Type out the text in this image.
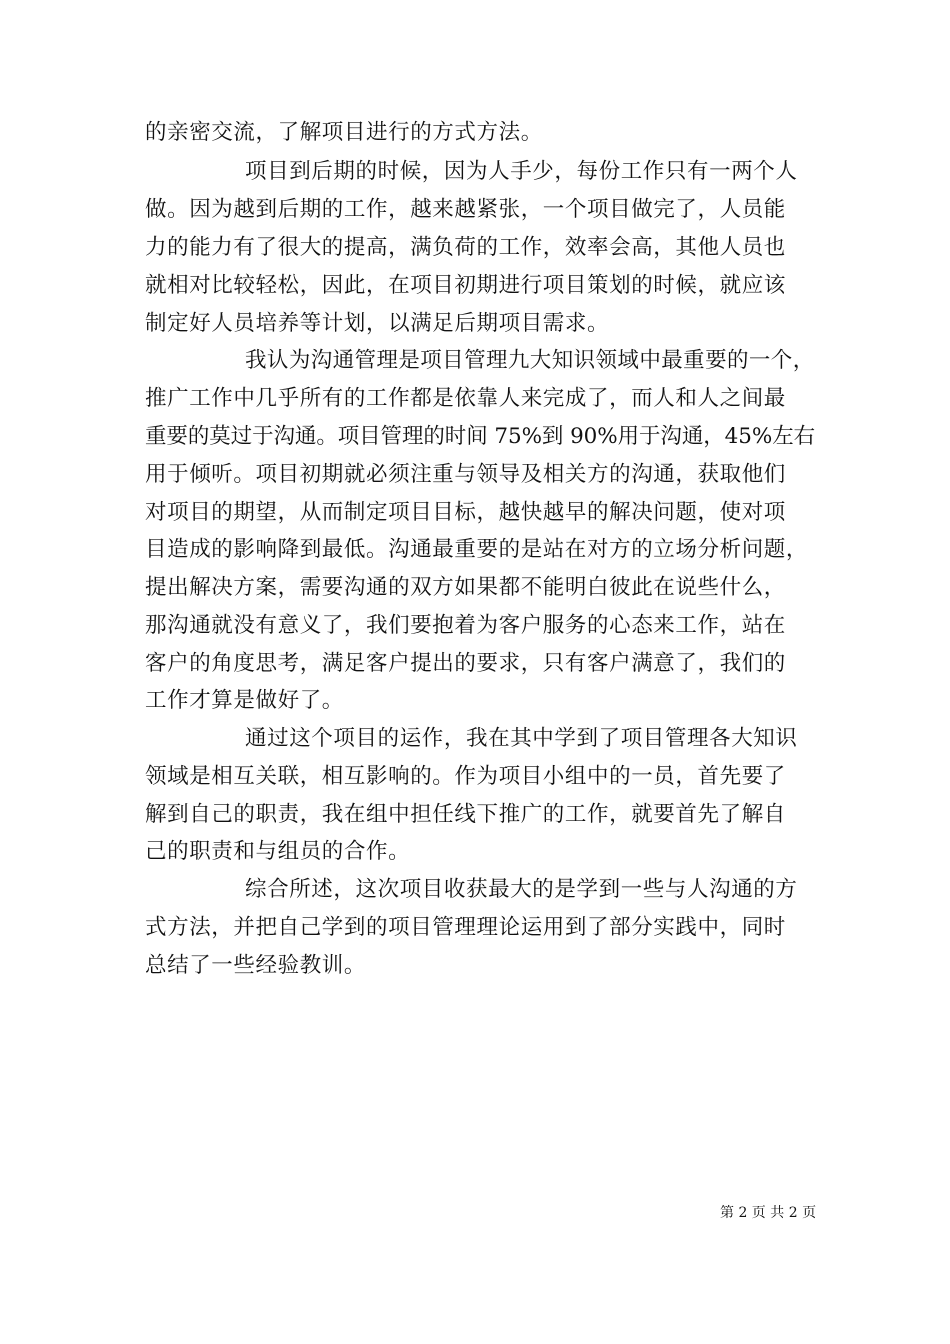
的亲密交流，了解项目进行的方式方法。
项目到后期的时候，因为人手少，每份工作只有一两个人
做。因为越到后期的工作，越来越紧张，一个项目做完了，人员能
力的能力有了很大的提高，满负荷的工作，效率会高，其他人员也
就相对比较轻松，因此，在项目初期进行项目策划的时候，就应该
制定好人员培养等计划，以满足后期项目需求。
我认为沟通管理是项目管理九大知识领域中最重要的一个，
推广工作中几乎所有的工作都是依靠人来完成了，而人和人之间最
重要的莫过于沟通。项目管理的时间 75%到 90%用于沟通，45%左右
用于倾听。项目初期就必须注重与领导及相关方的沟通，获取他们
对项目的期望，从而制定项目目标，越快越早的解决问题，使对项
目造成的影响降到最低。沟通最重要的是站在对方的立场分析问题，
提出解决方案，需要沟通的双方如果都不能明白彼此在说些什么，
那沟通就没有意义了，我们要抱着为客户服务的心态来工作，站在
客户的角度思考，满足客户提出的要求，只有客户满意了，我们的
工作才算是做好了。
通过这个项目的运作，我在其中学到了项目管理各大知识
领域是相互关联，相互影响的。作为项目小组中的一员，首先要了
解到自己的职责，我在组中担任线下推广的工作，就要首先了解自
己的职责和与组员的合作。
综合所述，这次项目收获最大的是学到一些与人沟通的方
式方法，并把自己学到的项目管理理论运用到了部分实践中，同时
总结了一些经验教训。
第 2 页 共 2 页
